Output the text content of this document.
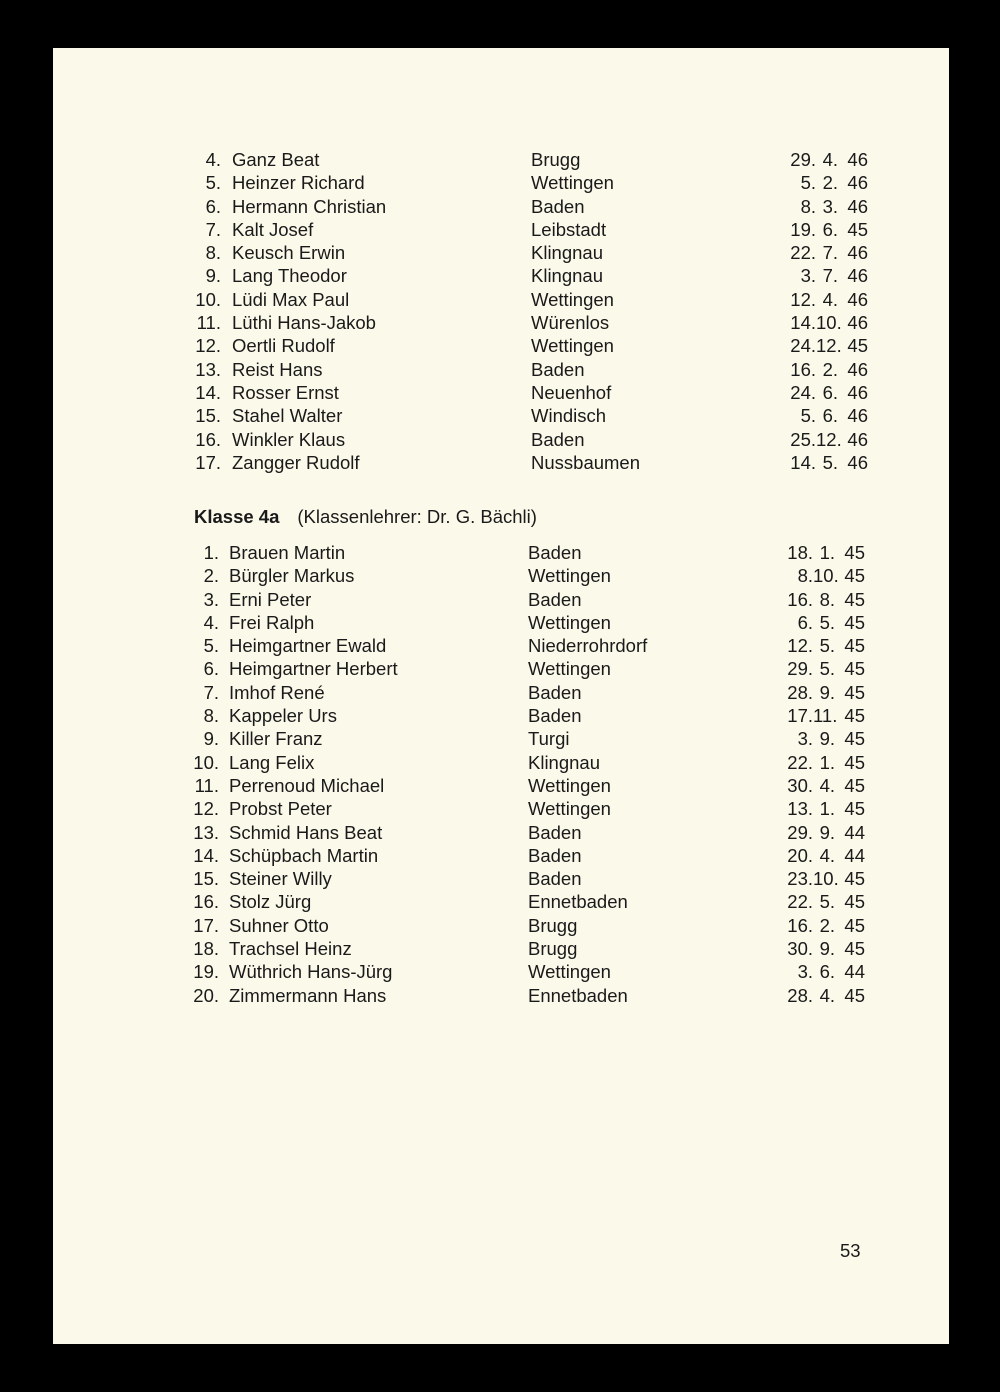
4. Ganz Beat	Brugg	29. 4. 46
5. Heinzer Richard	Wettingen	5. 2. 46
6. Hermann Christian	Baden	8. 3. 46
7. Kalt Josef	Leibstadt	19. 6. 45
8. Keusch Erwin	Klingnau	22. 7. 46
9. Lang Theodor	Klingnau	3. 7. 46
10. Lüdi Max Paul	Wettingen	12. 4. 46
11. Lüthi Hans-Jakob	Würenlos	14.10. 46
12. Oertli Rudolf	Wettingen	24.12. 45
13. Reist Hans	Baden	16. 2. 46
14. Rosser Ernst	Neuenhof	24. 6. 46
15. Stahel Walter	Windisch	5. 6. 46
16. Winkler Klaus	Baden	25.12. 46
17. Zangger Rudolf	Nussbaumen	14. 5. 46
Klasse 4a (Klassenlehrer: Dr. G. Bächli)
1. Brauen Martin	Baden	18. 1. 45
2. Bürgler Markus	Wettingen	8.10. 45
3. Erni Peter	Baden	16. 8. 45
4. Frei Ralph	Wettingen	6. 5. 45
5. Heimgartner Ewald	Niederrohrdorf	12. 5. 45
6. Heimgartner Herbert	Wettingen	29. 5. 45
7. Imhof René	Baden	28. 9. 45
8. Kappeler Urs	Baden	17.11. 45
9. Killer Franz	Turgi	3. 9. 45
10. Lang Felix	Klingnau	22. 1. 45
11. Perrenoud Michael	Wettingen	30. 4. 45
12. Probst Peter	Wettingen	13. 1. 45
13. Schmid Hans Beat	Baden	29. 9. 44
14. Schüpbach Martin	Baden	20. 4. 44
15. Steiner Willy	Baden	23.10. 45
16. Stolz Jürg	Ennetbaden	22. 5. 45
17. Suhner Otto	Brugg	16. 2. 45
18. Trachsel Heinz	Brugg	30. 9. 45
19. Wüthrich Hans-Jürg	Wettingen	3. 6. 44
20. Zimmermann Hans	Ennetbaden	28. 4. 45
53
